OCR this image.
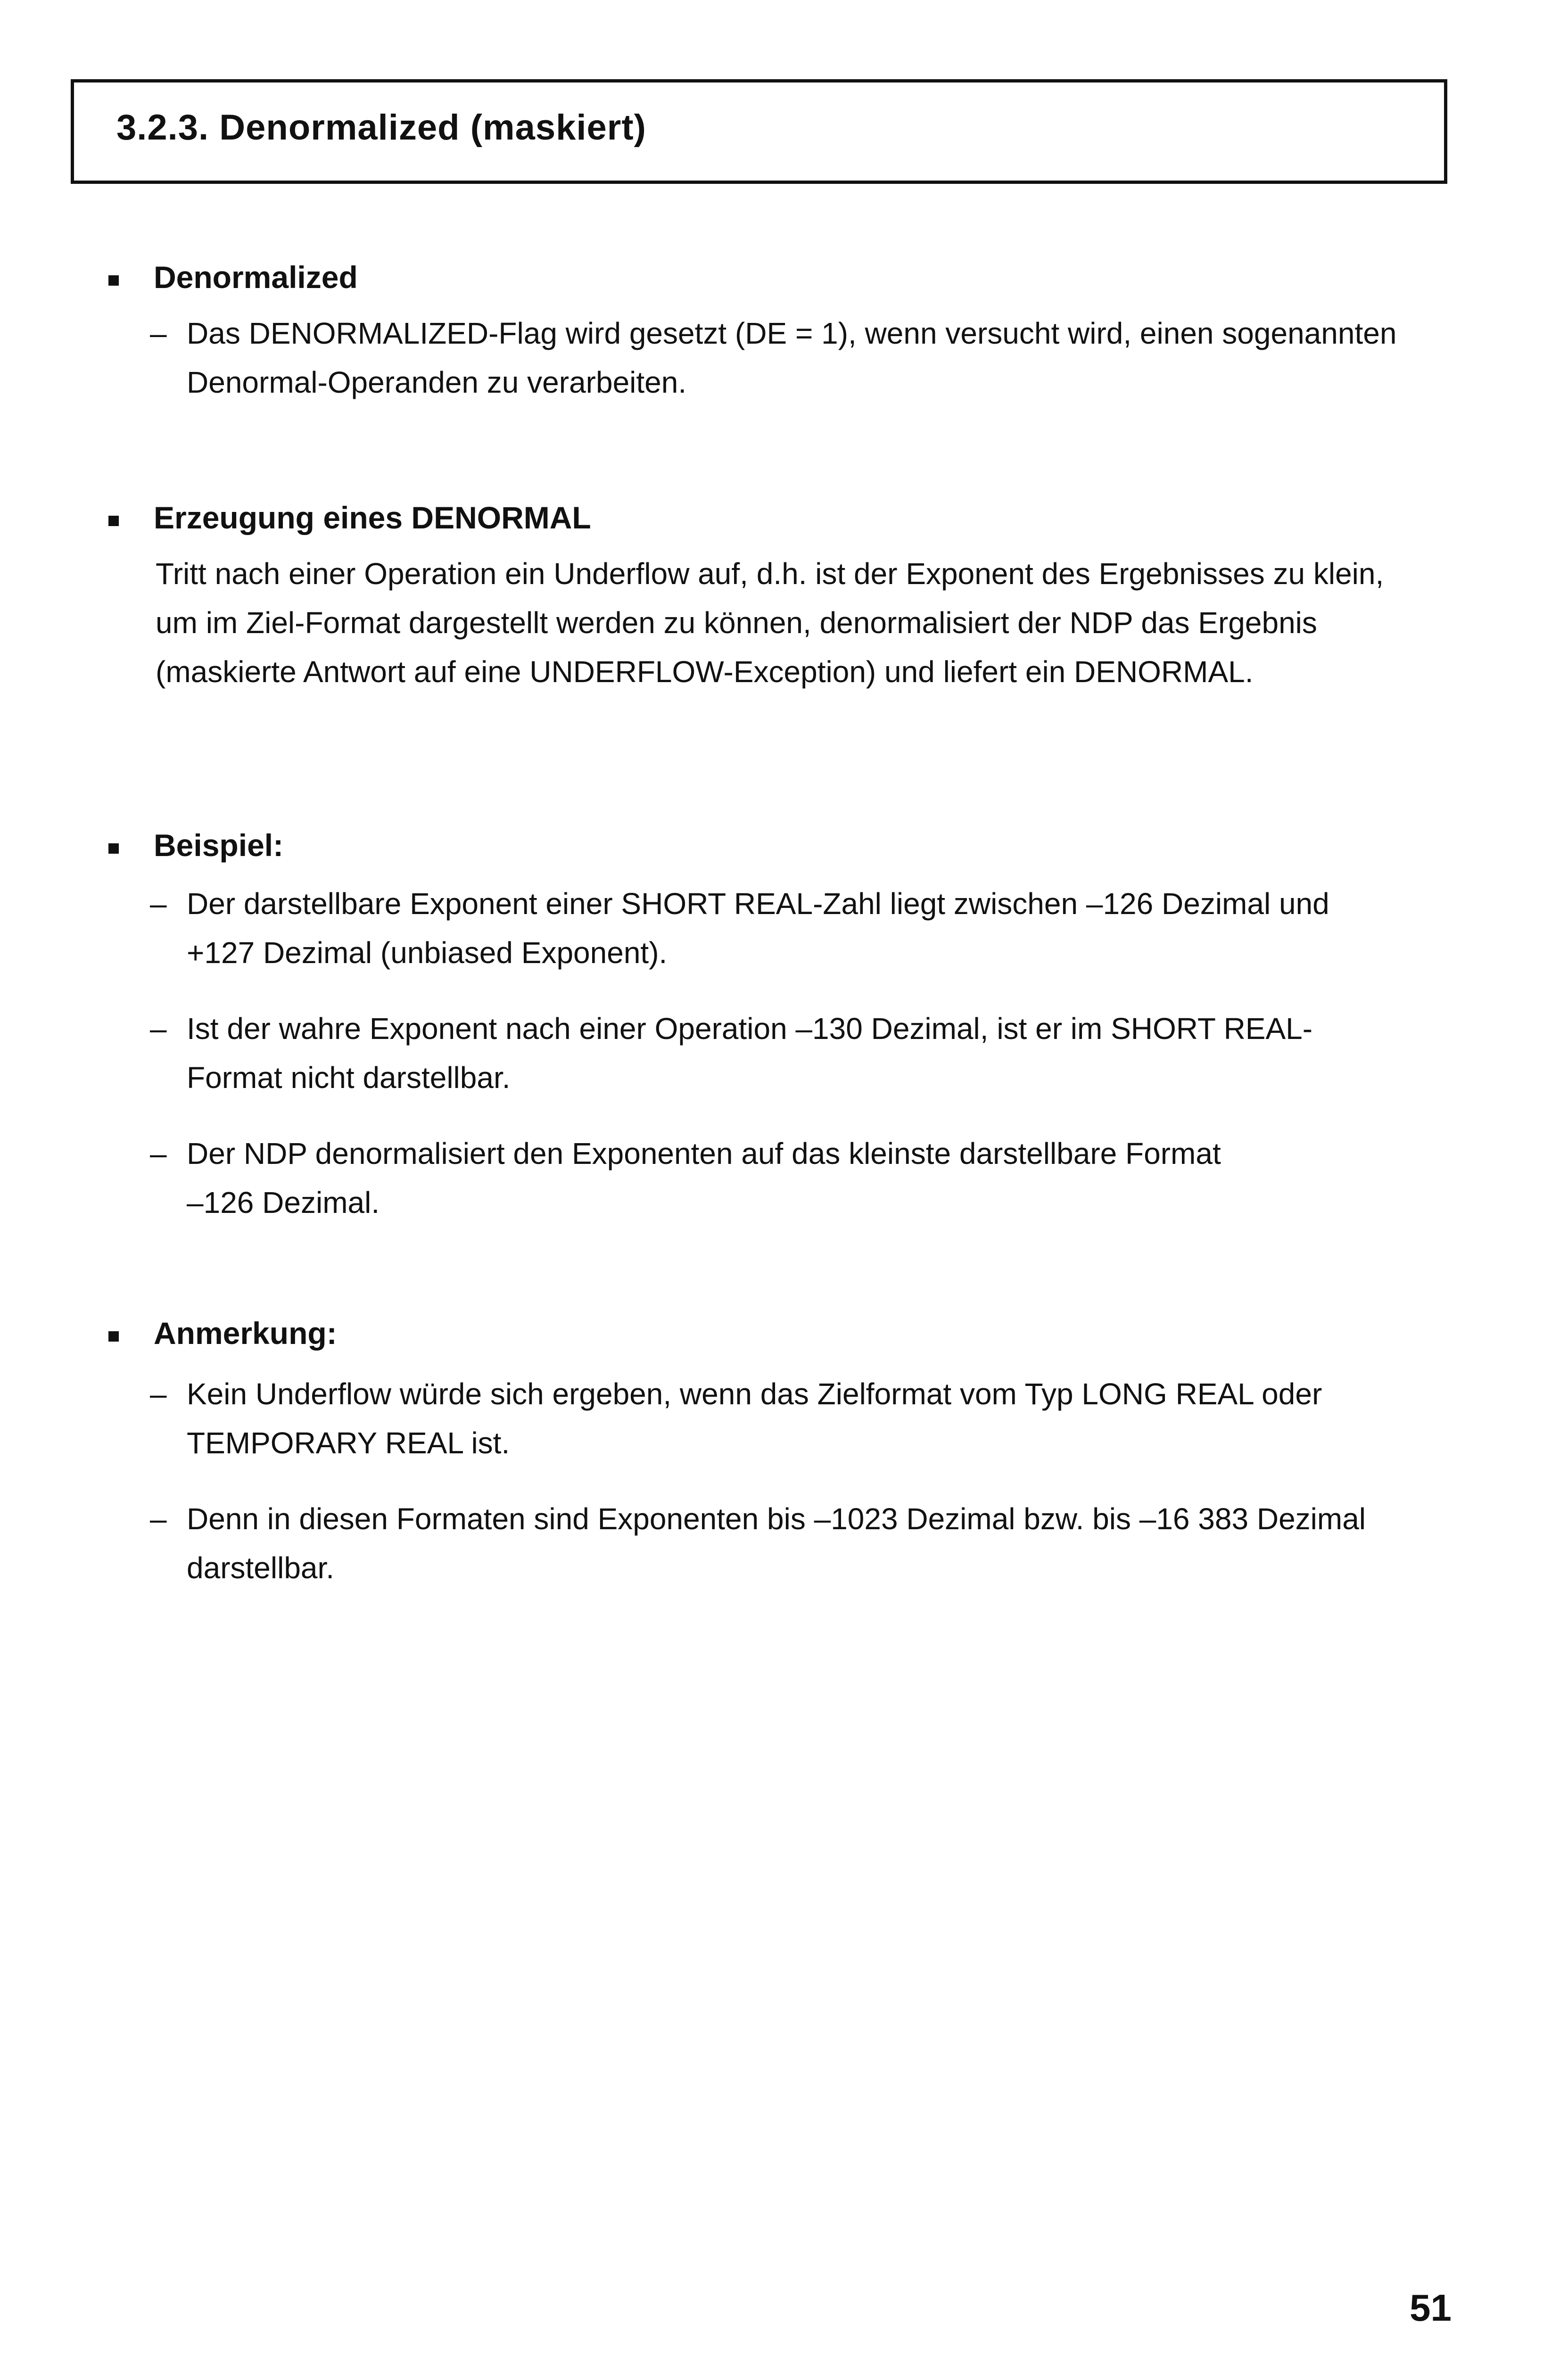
3.2.3. Denormalized (maskiert)
Denormalized
– Das DENORMALIZED-Flag wird gesetzt (DE = 1), wenn versucht wird, einen sogenannten
Denormal-Operanden zu verarbeiten.
Erzeugung eines DENORMAL
Tritt nach einer Operation ein Underflow auf, d.h. ist der Exponent des Ergebnisses zu klein,
um im Ziel-Format dargestellt werden zu können, denormalisiert der NDP das Ergebnis
(maskierte Antwort auf eine UNDERFLOW-Exception) und liefert ein DENORMAL.
Beispiel:
– Der darstellbare Exponent einer SHORT REAL-Zahl liegt zwischen –126 Dezimal und
+127 Dezimal (unbiased Exponent).
– Ist der wahre Exponent nach einer Operation –130 Dezimal, ist er im SHORT REAL-
Format nicht darstellbar.
– Der NDP denormalisiert den Exponenten auf das kleinste darstellbare Format
–126 Dezimal.
Anmerkung:
– Kein Underflow würde sich ergeben, wenn das Zielformat vom Typ LONG REAL oder
TEMPORARY REAL ist.
– Denn in diesen Formaten sind Exponenten bis –1023 Dezimal bzw. bis –16 383 Dezimal
darstellbar.
51
